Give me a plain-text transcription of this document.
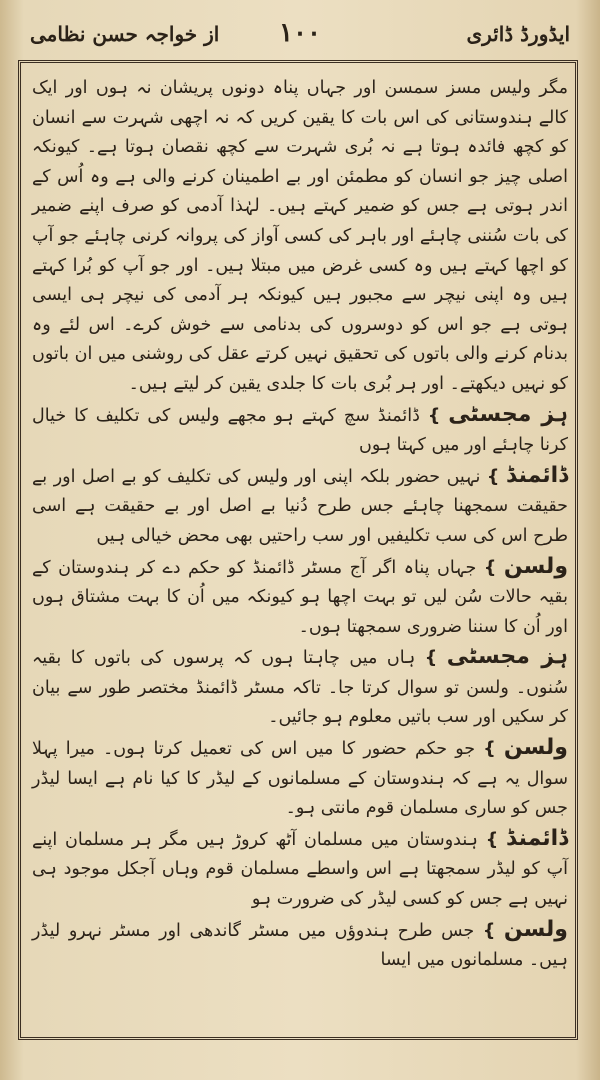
ایڈورڈ ڈائری
۱۰۰
از خواجہ حسن نظامی

مگر ولیس مسز سمسن اور جہاں پناہ دونوں پریشان نہ ہوں اور ایک کالے ہندوستانی کی اس بات کا یقین کریں کہ نہ اچھی شہرت سے انسان کو کچھ فائدہ ہوتا ہے نہ بُری شہرت سے کچھ نقصان ہوتا ہے۔ کیونکہ اصلی چیز جو انسان کو مطمئن اور بے اطمینان کرنے والی ہے وہ اُس کے اندر ہوتی ہے جس کو ضمیر کہتے ہیں۔ لہٰذا آدمی کو صرف اپنے ضمیر کی بات سُننی چاہئے اور باہر کی کسی آواز کی پروانہ کرنی چاہئے جو آپ کو اچھا کہتے ہیں وہ کسی غرض میں مبتلا ہیں۔ اور جو آپ کو بُرا کہتے ہیں وہ اپنی نیچر سے مجبور ہیں کیونکہ ہر آدمی کی نیچر ہی ایسی ہوتی ہے جو اس کو دوسروں کی بدنامی سے خوش کرے۔ اس لئے وہ بدنام کرنے والی باتوں کی تحقیق نہیں کرتے عقل کی روشنی میں ان باتوں کو نہیں دیکھتے۔ اور ہر بُری بات کا جلدی یقین کر لیتے ہیں۔

ہز مجسٹی } ڈائمنڈ سچ کہتے ہو مجھے ولیس کی تکلیف کا خیال کرنا چاہئے اور میں کہتا ہوں

ڈائمنڈ } نہیں حضور بلکہ اپنی اور ولیس کی تکلیف کو بے اصل اور بے حقیقت سمجھنا چاہئے جس طرح دُنیا بے اصل اور بے حقیقت ہے اسی طرح اس کی سب تکلیفیں اور سب راحتیں بھی محض خیالی ہیں

ولسن } جہاں پناہ اگر آج مسٹر ڈائمنڈ کو حکم دے کر ہندوستان کے بقیہ حالات سُن لیں تو بہت اچھا ہو کیونکہ میں اُن کا بہت مشتاق ہوں اور اُن کا سننا ضروری سمجھتا ہوں۔

ہز مجسٹی } ہاں میں چاہتا ہوں کہ پرسوں کی باتوں کا بقیہ سُنوں۔ ولسن تو سوال کرتا جا۔ تاکہ مسٹر ڈائمنڈ مختصر طور سے بیان کر سکیں اور سب باتیں معلوم ہو جائیں۔

ولسن } جو حکم حضور کا میں اس کی تعمیل کرتا ہوں۔ میرا پہلا سوال یہ ہے کہ ہندوستان کے مسلمانوں کے لیڈر کا کیا نام ہے ایسا لیڈر جس کو ساری مسلمان قوم مانتی ہو۔

ڈائمنڈ } ہندوستان میں مسلمان آٹھ کروڑ ہیں مگر ہر مسلمان اپنے آپ کو لیڈر سمجھتا ہے اس واسطے مسلمان قوم وہاں آجکل موجود ہی نہیں ہے جس کو کسی لیڈر کی ضرورت ہو

ولسن } جس طرح ہندوؤں میں مسٹر گاندھی اور مسٹر نہرو لیڈر ہیں۔ مسلمانوں میں ایسا
